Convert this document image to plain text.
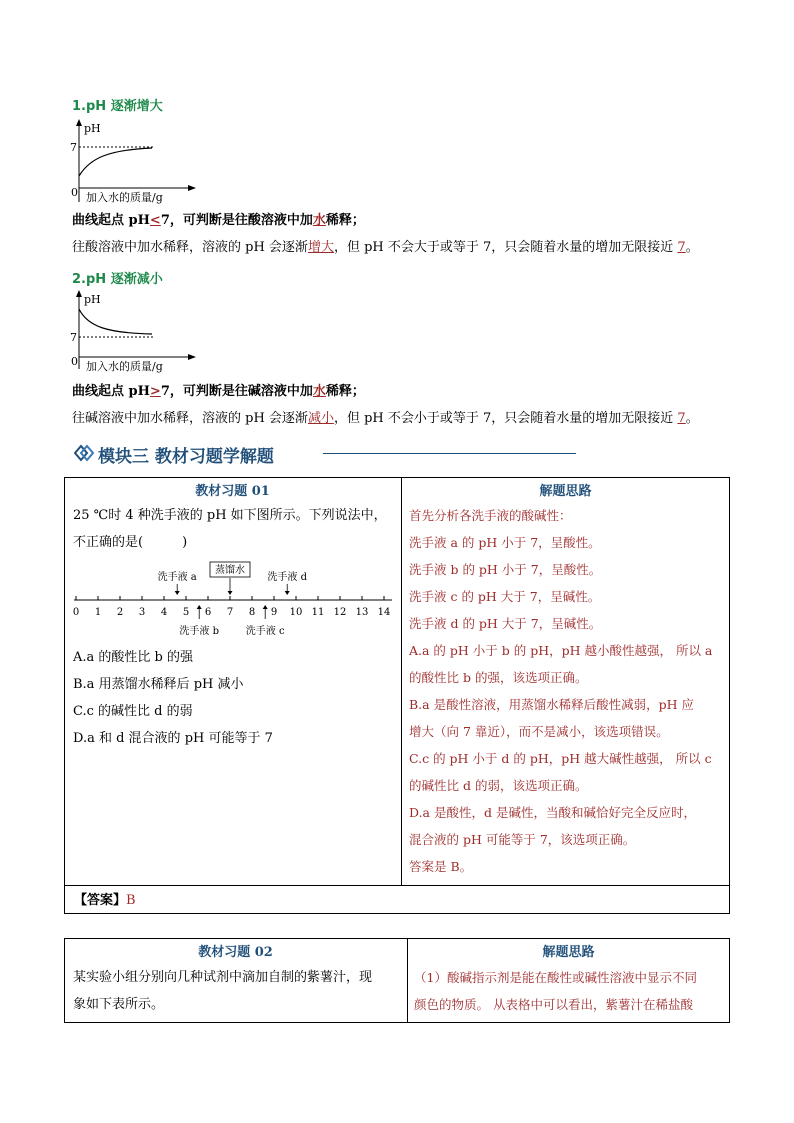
1.pH 逐渐增大
pH
7
0 加入水的质量/g
曲线起点 pH<7，可判断是往酸溶液中加水稀释；
往酸溶液中加水稀释，溶液的 pH 会逐渐增大，但 pH 不会大于或等于 7，只会随着水量的增加无限接近 7。
2.pH 逐渐减小
pH
7
0 加入水的质量/g
曲线起点 pH>7，可判断是往碱溶液中加水稀释；
往碱溶液中加水稀释，溶液的 pH 会逐渐减小，但 pH 不会小于或等于 7，只会随着水量的增加无限接近 7。
模块三 教材习题学解题
教材习题 01	解题思路
25 ℃时 4 种洗手液的 pH 如下图所示。下列说法中，
不正确的是(　　　)
0 1 2 3 4 5 6 7 8 9 10 11 12 13 14
洗手液 a
蒸馏水
洗手液 d
洗手液 b	洗手液 c
A.a 的酸性比 b 的强
B.a 用蒸馏水稀释后 pH 减小
C.c 的碱性比 d 的弱
D.a 和 d 混合液的 pH 可能等于 7
首先分析各洗手液的酸碱性：
洗手液 a 的 pH 小于 7，呈酸性。
洗手液 b 的 pH 小于 7，呈酸性。
洗手液 c 的 pH 大于 7，呈碱性。
洗手液 d 的 pH 大于 7，呈碱性。
A.a 的 pH 小于 b 的 pH，pH 越小酸性越强， 所以 a
的酸性比 b 的强，该选项正确。
B.a 是酸性溶液，用蒸馏水稀释后酸性减弱，pH 应
增大（向 7 靠近），而不是减小，该选项错误。
C.c 的 pH 小于 d 的 pH，pH 越大碱性越强， 所以 c
的碱性比 d 的弱，该选项正确。
D.a 是酸性，d 是碱性，当酸和碱恰好完全反应时，
混合液的 pH 可能等于 7，该选项正确。
答案是 B。
【答案】B
教材习题 02	解题思路
某实验小组分别向几种试剂中滴加自制的紫薯汁，现
象如下表所示。
（1）酸碱指示剂是能在酸性或碱性溶液中显示不同
颜色的物质。 从表格中可以看出，紫薯汁在稀盐酸
